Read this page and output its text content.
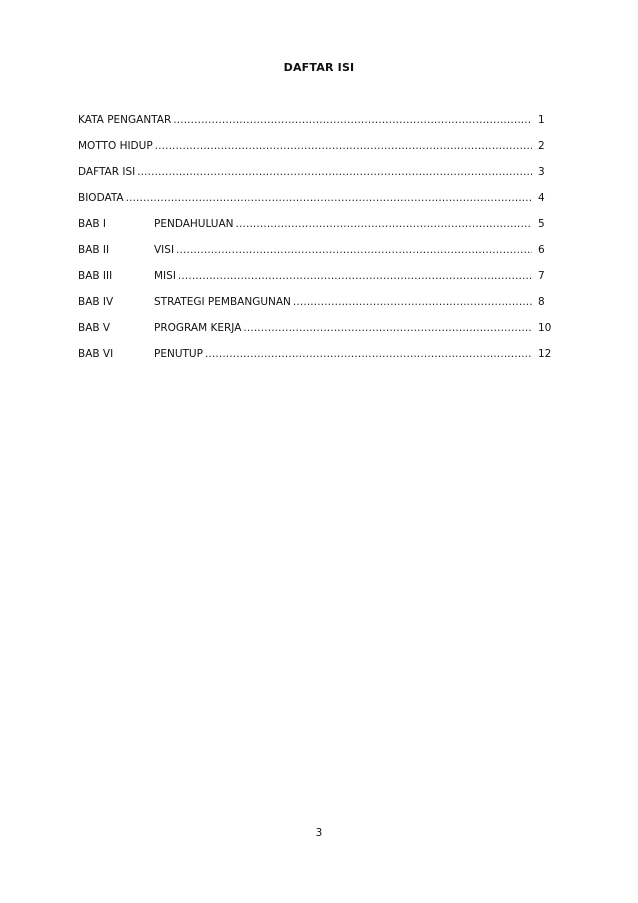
DAFTAR ISI
KATA PENGANTAR . . .	1
MOTTO HIDUP . . .	2
DAFTAR ISI . . .	3
BIODATA . . .	4
BAB I	PENDAHULUAN . . .	5
BAB II	VISI . . .	6
BAB III	MISI . . .	7
BAB IV	STRATEGI PEMBANGUNAN . . .	8
BAB V	PROGRAM KERJA . . .	10
BAB VI	PENUTUP . . .	12
3
